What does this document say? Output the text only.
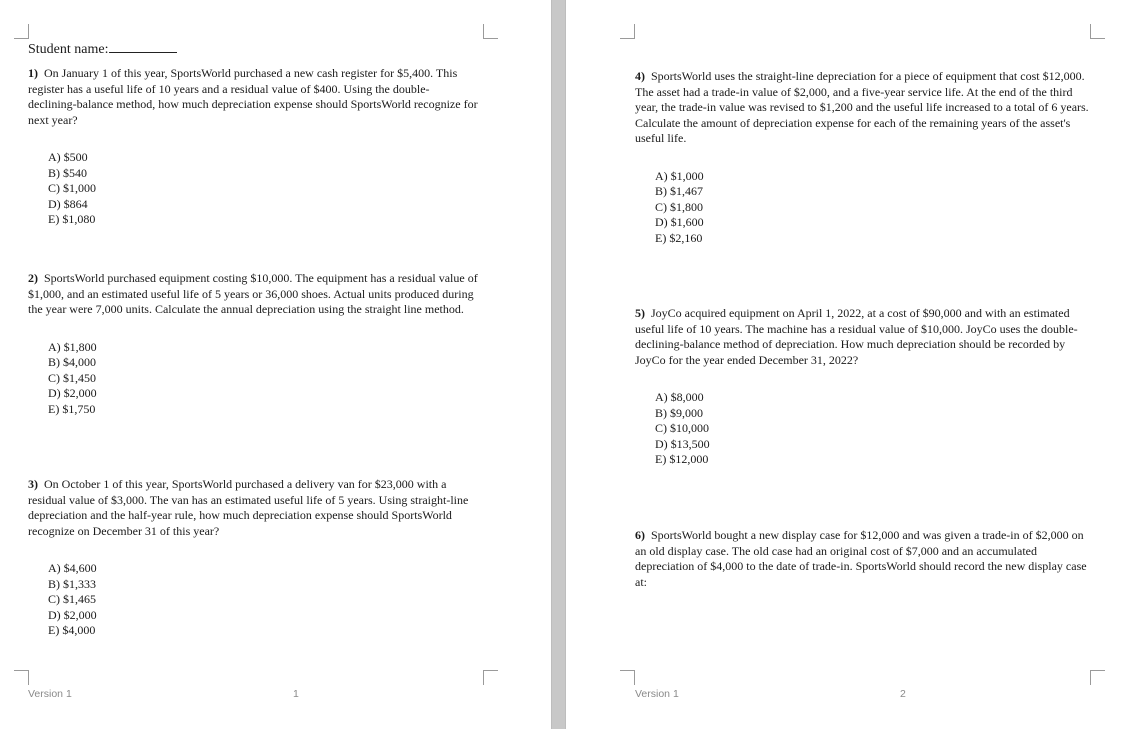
Student name:
1) On January 1 of this year, SportsWorld purchased a new cash register for $5,400. This register has a useful life of 10 years and a residual value of $400. Using the double-declining-balance method, how much depreciation expense should SportsWorld recognize for next year?
A) $500
B) $540
C) $1,000
D) $864
E) $1,080
2) SportsWorld purchased equipment costing $10,000. The equipment has a residual value of $1,000, and an estimated useful life of 5 years or 36,000 shoes. Actual units produced during the year were 7,000 units. Calculate the annual depreciation using the straight line method.
A) $1,800
B) $4,000
C) $1,450
D) $2,000
E) $1,750
3) On October 1 of this year, SportsWorld purchased a delivery van for $23,000 with a residual value of $3,000. The van has an estimated useful life of 5 years. Using straight-line depreciation and the half-year rule, how much depreciation expense should SportsWorld recognize on December 31 of this year?
A) $4,600
B) $1,333
C) $1,465
D) $2,000
E) $4,000
Version 1	1
4) SportsWorld uses the straight-line depreciation for a piece of equipment that cost $12,000. The asset had a trade-in value of $2,000, and a five-year service life. At the end of the third year, the trade-in value was revised to $1,200 and the useful life increased to a total of 6 years. Calculate the amount of depreciation expense for each of the remaining years of the asset's useful life.
A) $1,000
B) $1,467
C) $1,800
D) $1,600
E) $2,160
5) JoyCo acquired equipment on April 1, 2022, at a cost of $90,000 and with an estimated useful life of 10 years. The machine has a residual value of $10,000. JoyCo uses the double-declining-balance method of depreciation. How much depreciation should be recorded by JoyCo for the year ended December 31, 2022?
A) $8,000
B) $9,000
C) $10,000
D) $13,500
E) $12,000
6) SportsWorld bought a new display case for $12,000 and was given a trade-in of $2,000 on an old display case. The old case had an original cost of $7,000 and an accumulated depreciation of $4,000 to the date of trade-in. SportsWorld should record the new display case at:
Version 1	2
